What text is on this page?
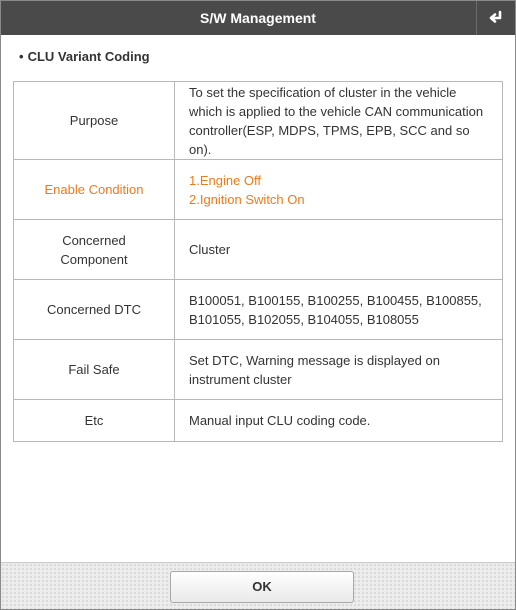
S/W Management
• CLU Variant Coding
Purpose	To set the specification of cluster in the vehicle
which is applied to the vehicle CAN communication
controller(ESP, MDPS, TPMS, EPB, SCC and so on).

Enable Condition	1.Engine Off
2.Ignition Switch On

Concerned
Component	Cluster

Concerned DTC	B100051, B100155, B100255, B100455, B100855,
B101055, B102055, B104055, B108055

Fail Safe	Set DTC, Warning message is displayed on
instrument cluster

Etc	Manual input CLU coding code.
OK
